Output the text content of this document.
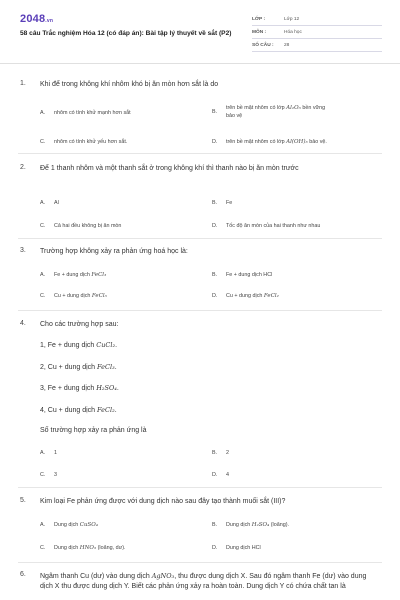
2048.vn
58 câu Trắc nghiệm Hóa 12 (có đáp án): Bài tập lý thuyết về sắt (P2)
LỚP :	Lớp 12
MÔN :	Hóa học
SỐ CÂU :	28
1. Khi để trong không khí nhôm khó bị ăn mòn hơn sắt là do
A.	nhôm có tính khử mạnh hơn sắt	B.
trên bề mặt nhôm có lớp Al₂O₃ bền vững
bảo vệ
C.	nhôm có tính khử yếu hơn sắt.	D.	trên bề mặt nhôm có lớp Al(OH)₃ bảo vệ.
2. Để 1 thanh nhôm và một thanh sắt ở trong không khí thì thanh nào bị ăn mòn trước
A.	Al	B.	Fe
C.	Cả hai đều không bị ăn mòn	D.	Tốc độ ăn mòn của hai thanh như nhau
3. Trường hợp không xảy ra phản ứng hoá học là:
A.	Fe + dung dịch FeCl₃	B.	Fe + dung dịch HCl
C.	Cu + dung dịch FeCl₃	D.	Cu + dung dịch FeCl₂
4. Cho các trường hợp sau:
1, Fe + dung dịch CuCl₂.
2, Cu + dung dịch FeCl₃.
3, Fe + dung dịch H₂SO₄.
4, Cu + dung dịch FeCl₂.
Số trường hợp xảy ra phản ứng là
A.	1	B.	2
C.	3	D.	4
5. Kim loại Fe phản ứng được với dung dịch nào sau đây tạo thành muối sắt (III)?
A.	Dung dịch CuSO₄	B.	Dung dịch H₂SO₄ (loãng).
C.	Dung dịch HNO₃ (loãng, dư).	D.	Dung dịch HCl
6. Ngâm thanh Cu (dư) vào dung dịch AgNO₃, thu được dung dịch X. Sau đó ngâm thanh Fe (dư) vào dung dịch X thu được dung dịch Y. Biết các phản ứng xảy ra hoàn toàn. Dung dịch Y có chứa chất tan là
